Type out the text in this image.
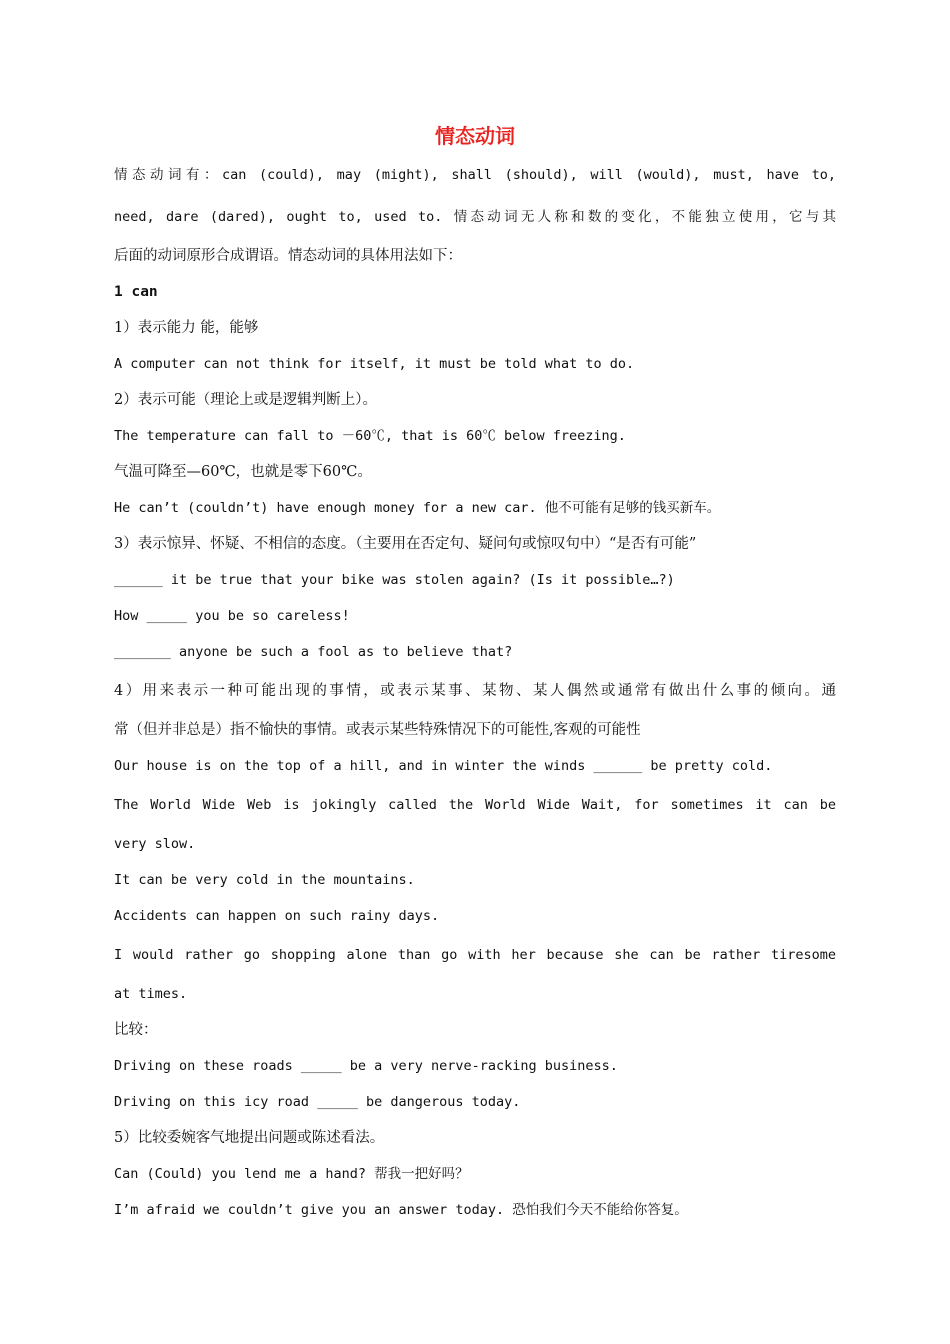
情态动词
情态动词有：can (could), may (might), shall (should), will (would), must, have to,
need, dare (dared), ought to, used to. 情态动词无人称和数的变化，不能独立使用，它与其
后面的动词原形合成谓语。情态动词的具体用法如下：
1 can
1）表示能力 能，能够
A computer can not think for itself, it must be told what to do.
2）表示可能（理论上或是逻辑判断上）。
The temperature can fall to －60℃, that is 60℃ below freezing.
气温可降至—60℃，也就是零下60℃。
He can’t (couldn’t) have enough money for a new car. 他不可能有足够的钱买新车。
3）表示惊异、怀疑、不相信的态度。（主要用在否定句、疑问句或惊叹句中）“是否有可能”
______ it be true that your bike was stolen again? (Is it possible…?)
How _____ you be so careless!
_______ anyone be such a fool as to believe that?
4）用来表示一种可能出现的事情，或表示某事、某物、某人偶然或通常有做出什么事的倾向。通
常（但并非总是）指不愉快的事情。或表示某些特殊情况下的可能性,客观的可能性
Our house is on the top of a hill, and in winter the winds ______ be pretty cold.
The World Wide Web is jokingly called the World Wide Wait, for sometimes it can be
very slow.
It can be very cold in the mountains.
Accidents can happen on such rainy days.
I would rather go shopping alone than go with her because she can be rather tiresome
at times.
比较：
Driving on these roads _____ be a very nerve-racking business.
Driving on this icy road _____ be dangerous today.
5）比较委婉客气地提出问题或陈述看法。
Can (Could) you lend me a hand? 帮我一把好吗？
I’m afraid we couldn’t give you an answer today. 恐怕我们今天不能给你答复。
